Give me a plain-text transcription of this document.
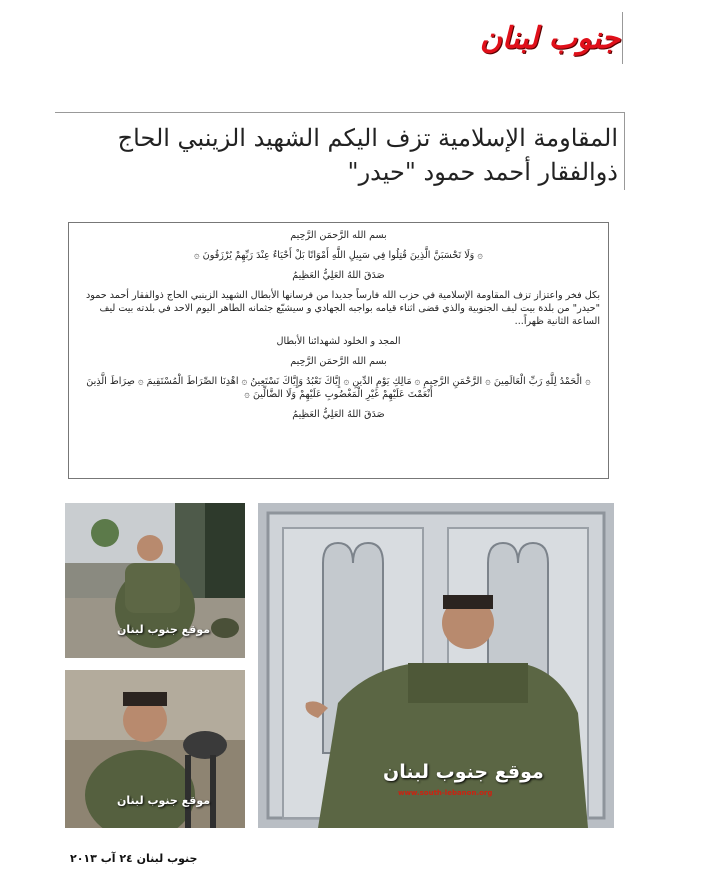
جنوب لبنان
المقاومة الإسلامية تزف اليكم الشهيد الزينبي الحاج ذوالفقار أحمد حمود "حيدر"

بسم الله الرَّحمَن الرَّحِيم

۞ وَلَا تَحْسَبَنَّ الَّذِينَ قُتِلُوا فِي سَبِيلِ اللَّهِ أَمْوَاتًا بَلْ أَحْيَاءٌ عِنْدَ رَبِّهِمْ يُرْزَقُونَ ۞

صَدَقَ اللهُ العَلِيُّ العَظِيمُ

بكل فخر واعتزاز تزف المقاومة الإسلامية في حزب الله فارساً جديدا من فرسانها الأبطال الشهيد الزينبي الحاج ذوالفقار أحمد حمود "حيدر" من بلدة بيت ليف الجنوبية والذي قضى اثناء قيامه بواجبه الجهادي و سيشيّع جثمانه الطاهر اليوم الاحد في بلدته بيت ليف الساعة الثانية ظهراً...

المجد و الخلود لشهدائنا الأبطال

بسم الله الرَّحمَن الرَّحِيم

۞ الْحَمْدُ لِلَّهِ رَبِّ الْعَالَمِينَ ۞ الرَّحْمَنِ الرَّحِيمِ ۞ مَالِكِ يَوْمِ الدِّينِ ۞ إِيَّاكَ نَعْبُدُ وَإِيَّاكَ نَسْتَعِينُ ۞ اهْدِنَا الصِّرَاطَ الْمُسْتَقِيمَ ۞ صِرَاطَ الَّذِينَ أَنْعَمْتَ عَلَيْهِمْ غَيْرِ الْمَغْضُوبِ عَلَيْهِمْ وَلَا الضَّالِّينَ ۞

صَدَقَ اللهُ العَلِيُّ العَظِيمُ

موقع جنوب لبنان
موقع جنوب لبنان
موقع جنوب لبنان
www.south-lebanon.org
جنوب لبنان ٢٤ آب ٢٠١٣
